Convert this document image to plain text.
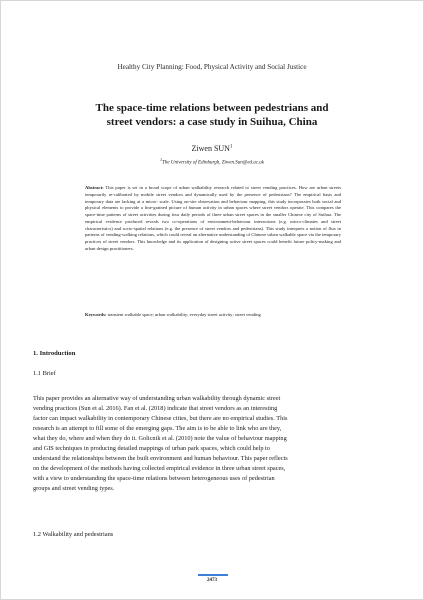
Healthy City Planning: Food, Physical Activity and Social Justice
The space-time relations between pedestrians and
street vendors: a case study in Suihua, China
Ziwen SUN$^1$
$^1$The University of Edinburgh, Ziwen.Sun@ed.ac.uk
Abstract: This paper is set in a broad scope of urban walkability research related to street vending practices. How are urban streets temporarily re-calibrated by mobile street vendors and dynamically used by the presence of pedestrians? The empirical basis and temporary data are lacking at a micro- scale. Using on-site observation and behaviour mapping, this study incorporates both social and physical elements to provide a fine-grained picture of human activity in urban spaces where street vendors operate. This compares the space-time patterns of street activities during four daily periods of three urban street spaces in the smaller Chinese city of Suihua. The empirical evidence produced reveals two co-operations of environment-behaviour interactions (e.g. micro-climates and street characteristics) and socio-spatial relations (e.g. the presence of street vendors and pedestrians). This study interprets a notion of flux in patterns of vending-walking relations, which could reveal an alternative understanding of Chinese urban walkable space via the temporary practices of street vendors. This knowledge and its application of designing active street spaces could benefit future policy-making and urban design practitioners.
Keywords: transient walkable space; urban walkability; everyday street activity; street vending
1. Introduction
1.1 Brief
This paper provides an alternative way of understanding urban walkability through dynamic street
vending practices (Sun et al. 2016). Fan et al. (2018) indicate that street vendors as an interesting
factor can impact walkability in contemporary Chinese cities, but there are no empirical studies. This
research is an attempt to fill some of the emerging gaps. The aim is to be able to link who are they,
what they do, where and when they do it. Golicnik et al. (2010) note the value of behaviour mapping
and GIS techniques in producing detailed mappings of urban park spaces, which could help to
understand the relationships between the built environment and human behaviour. This paper reflects
on the development of the methods having collected empirical evidence in three urban street spaces,
with a view to understanding the space-time relations between heterogeneous uses of pedestrian
groups and street vending types.
1.2 Walkability and pedestrians
2473
